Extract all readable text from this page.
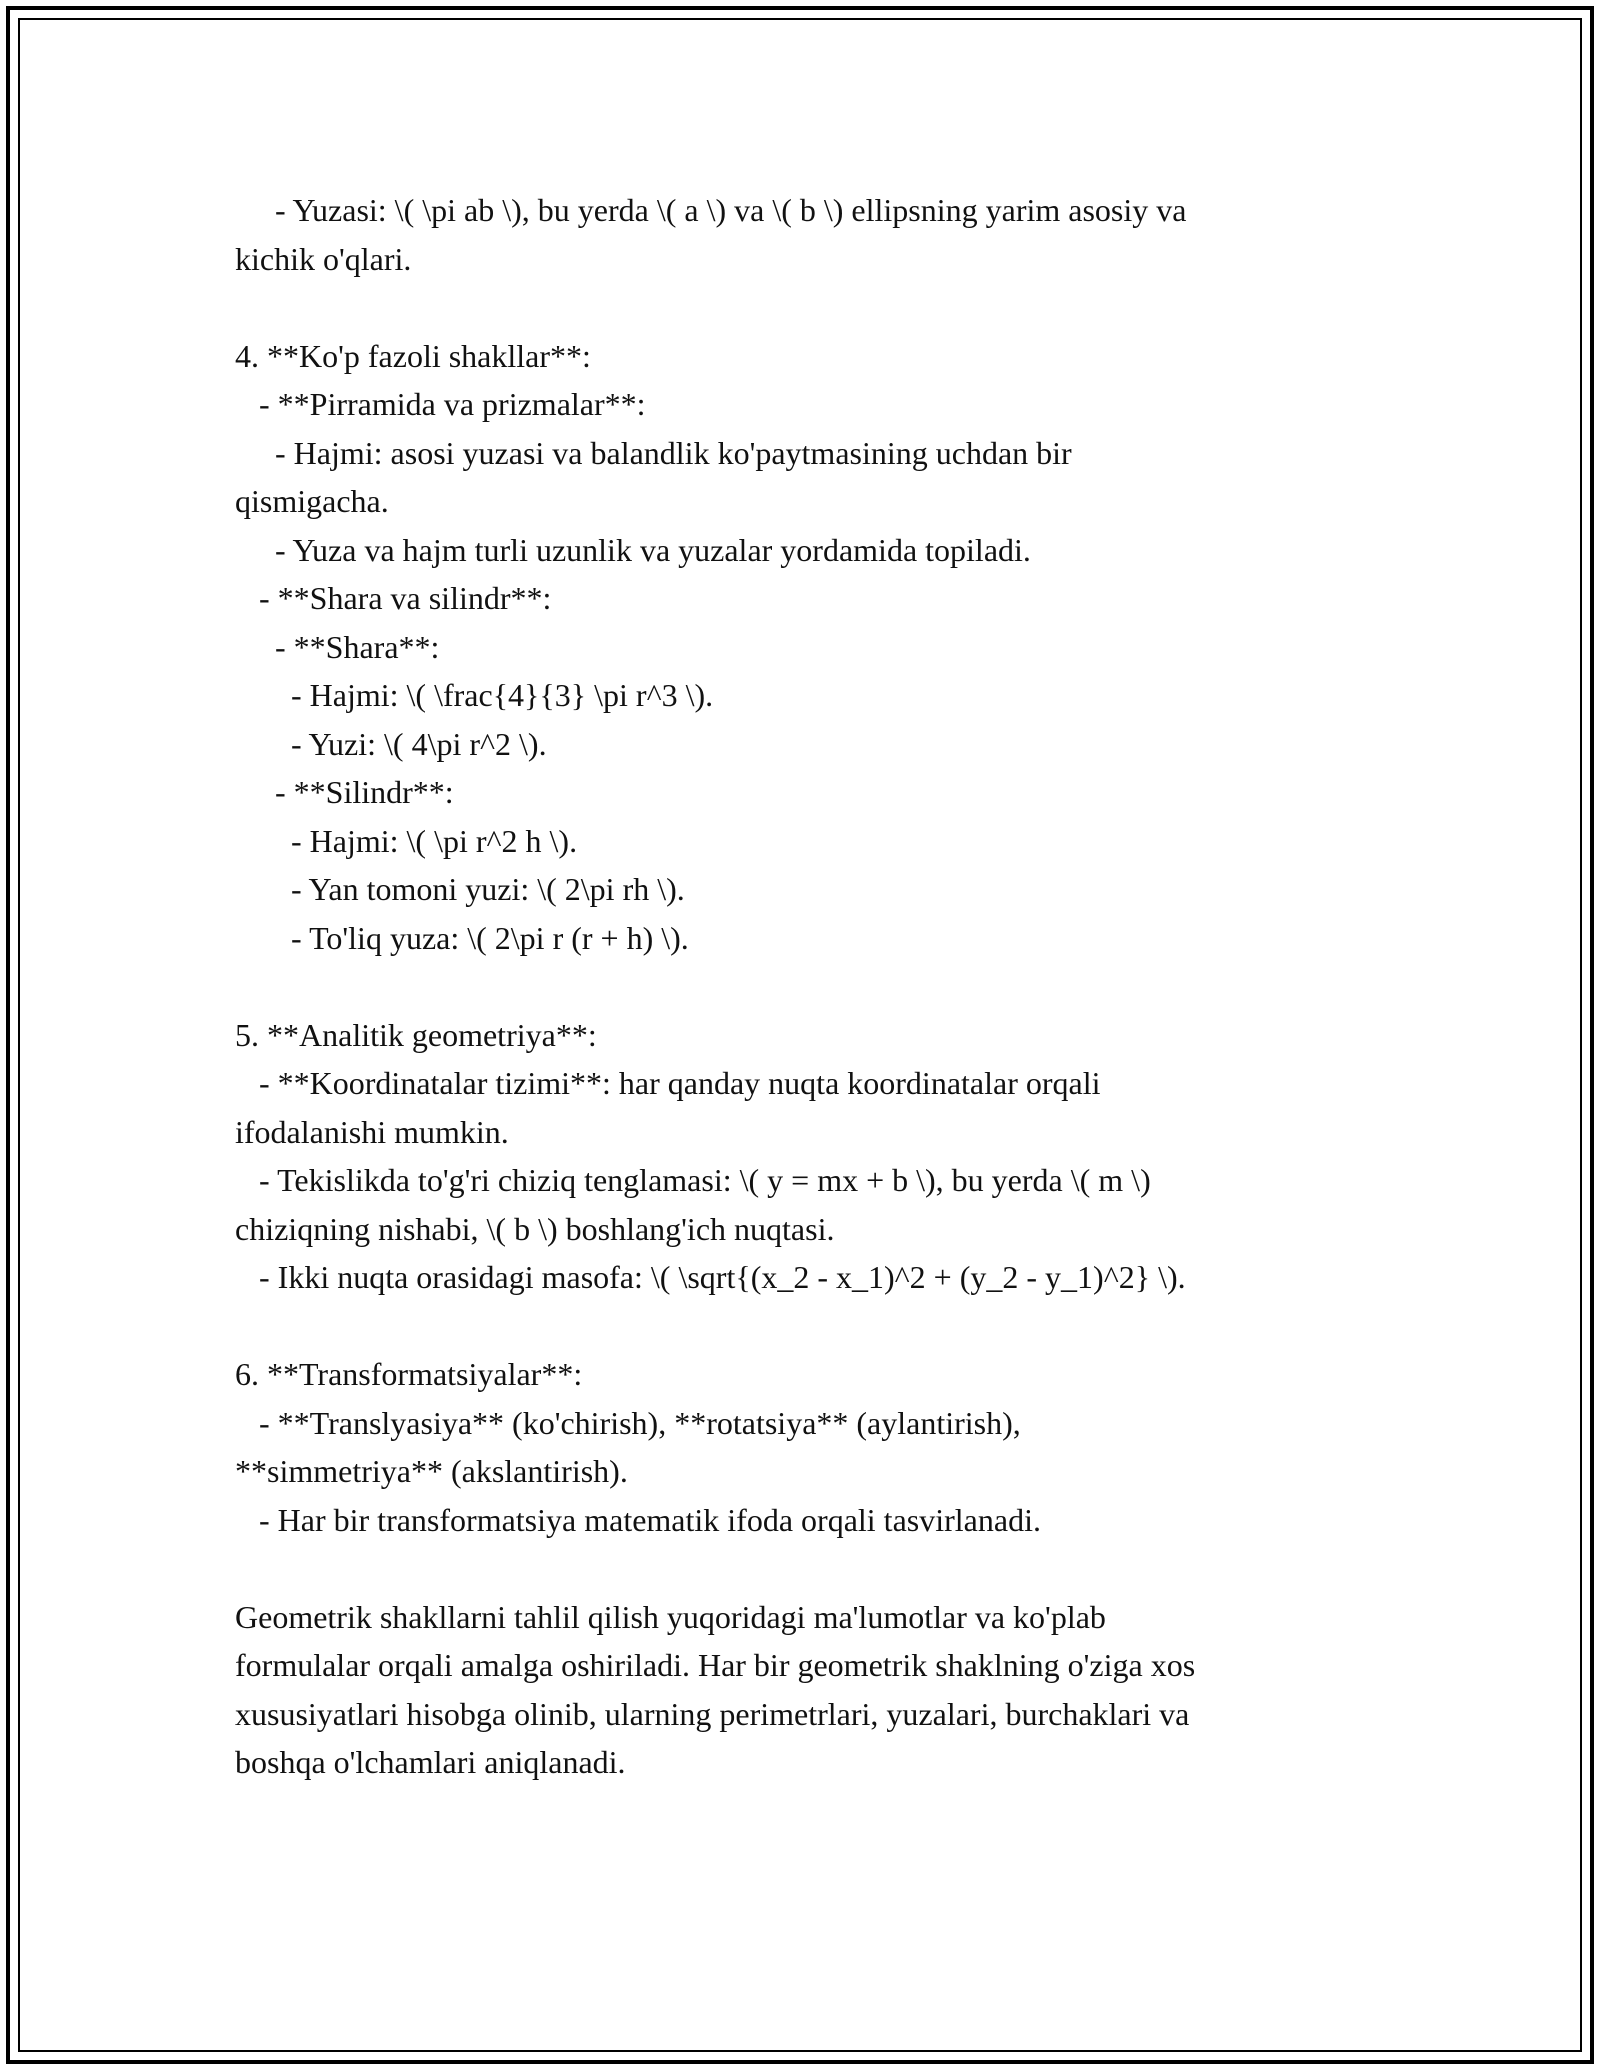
- Yuzasi: \( \pi ab \), bu yerda \( a \) va \( b \) ellipsning yarim asosiy va
kichik o'qlari.
4. **Ko'p fazoli shakllar**:
- **Pirramida va prizmalar**:
- Hajmi: asosi yuzasi va balandlik ko'paytmasining uchdan bir
qismigacha.
- Yuza va hajm turli uzunlik va yuzalar yordamida topiladi.
- **Shara va silindr**:
- **Shara**:
- Hajmi: \( \frac{4}{3} \pi r^3 \).
- Yuzi: \( 4\pi r^2 \).
- **Silindr**:
- Hajmi: \( \pi r^2 h \).
- Yan tomoni yuzi: \( 2\pi rh \).
- To'liq yuza: \( 2\pi r (r + h) \).
5. **Analitik geometriya**:
- **Koordinatalar tizimi**: har qanday nuqta koordinatalar orqali
ifodalanishi mumkin.
- Tekislikda to'g'ri chiziq tenglamasi: \( y = mx + b \), bu yerda \( m \)
chiziqning nishabi, \( b \) boshlang'ich nuqtasi.
- Ikki nuqta orasidagi masofa: \( \sqrt{(x_2 - x_1)^2 + (y_2 - y_1)^2} \).
6. **Transformatsiyalar**:
- **Translyasiya** (ko'chirish), **rotatsiya** (aylantirish),
**simmetriya** (akslantirish).
- Har bir transformatsiya matematik ifoda orqali tasvirlanadi.
Geometrik shakllarni tahlil qilish yuqoridagi ma'lumotlar va ko'plab
formulalar orqali amalga oshiriladi. Har bir geometrik shaklning o'ziga xos
xususiyatlari hisobga olinib, ularning perimetrlari, yuzalari, burchaklari va
boshqa o'lchamlari aniqlanadi.
